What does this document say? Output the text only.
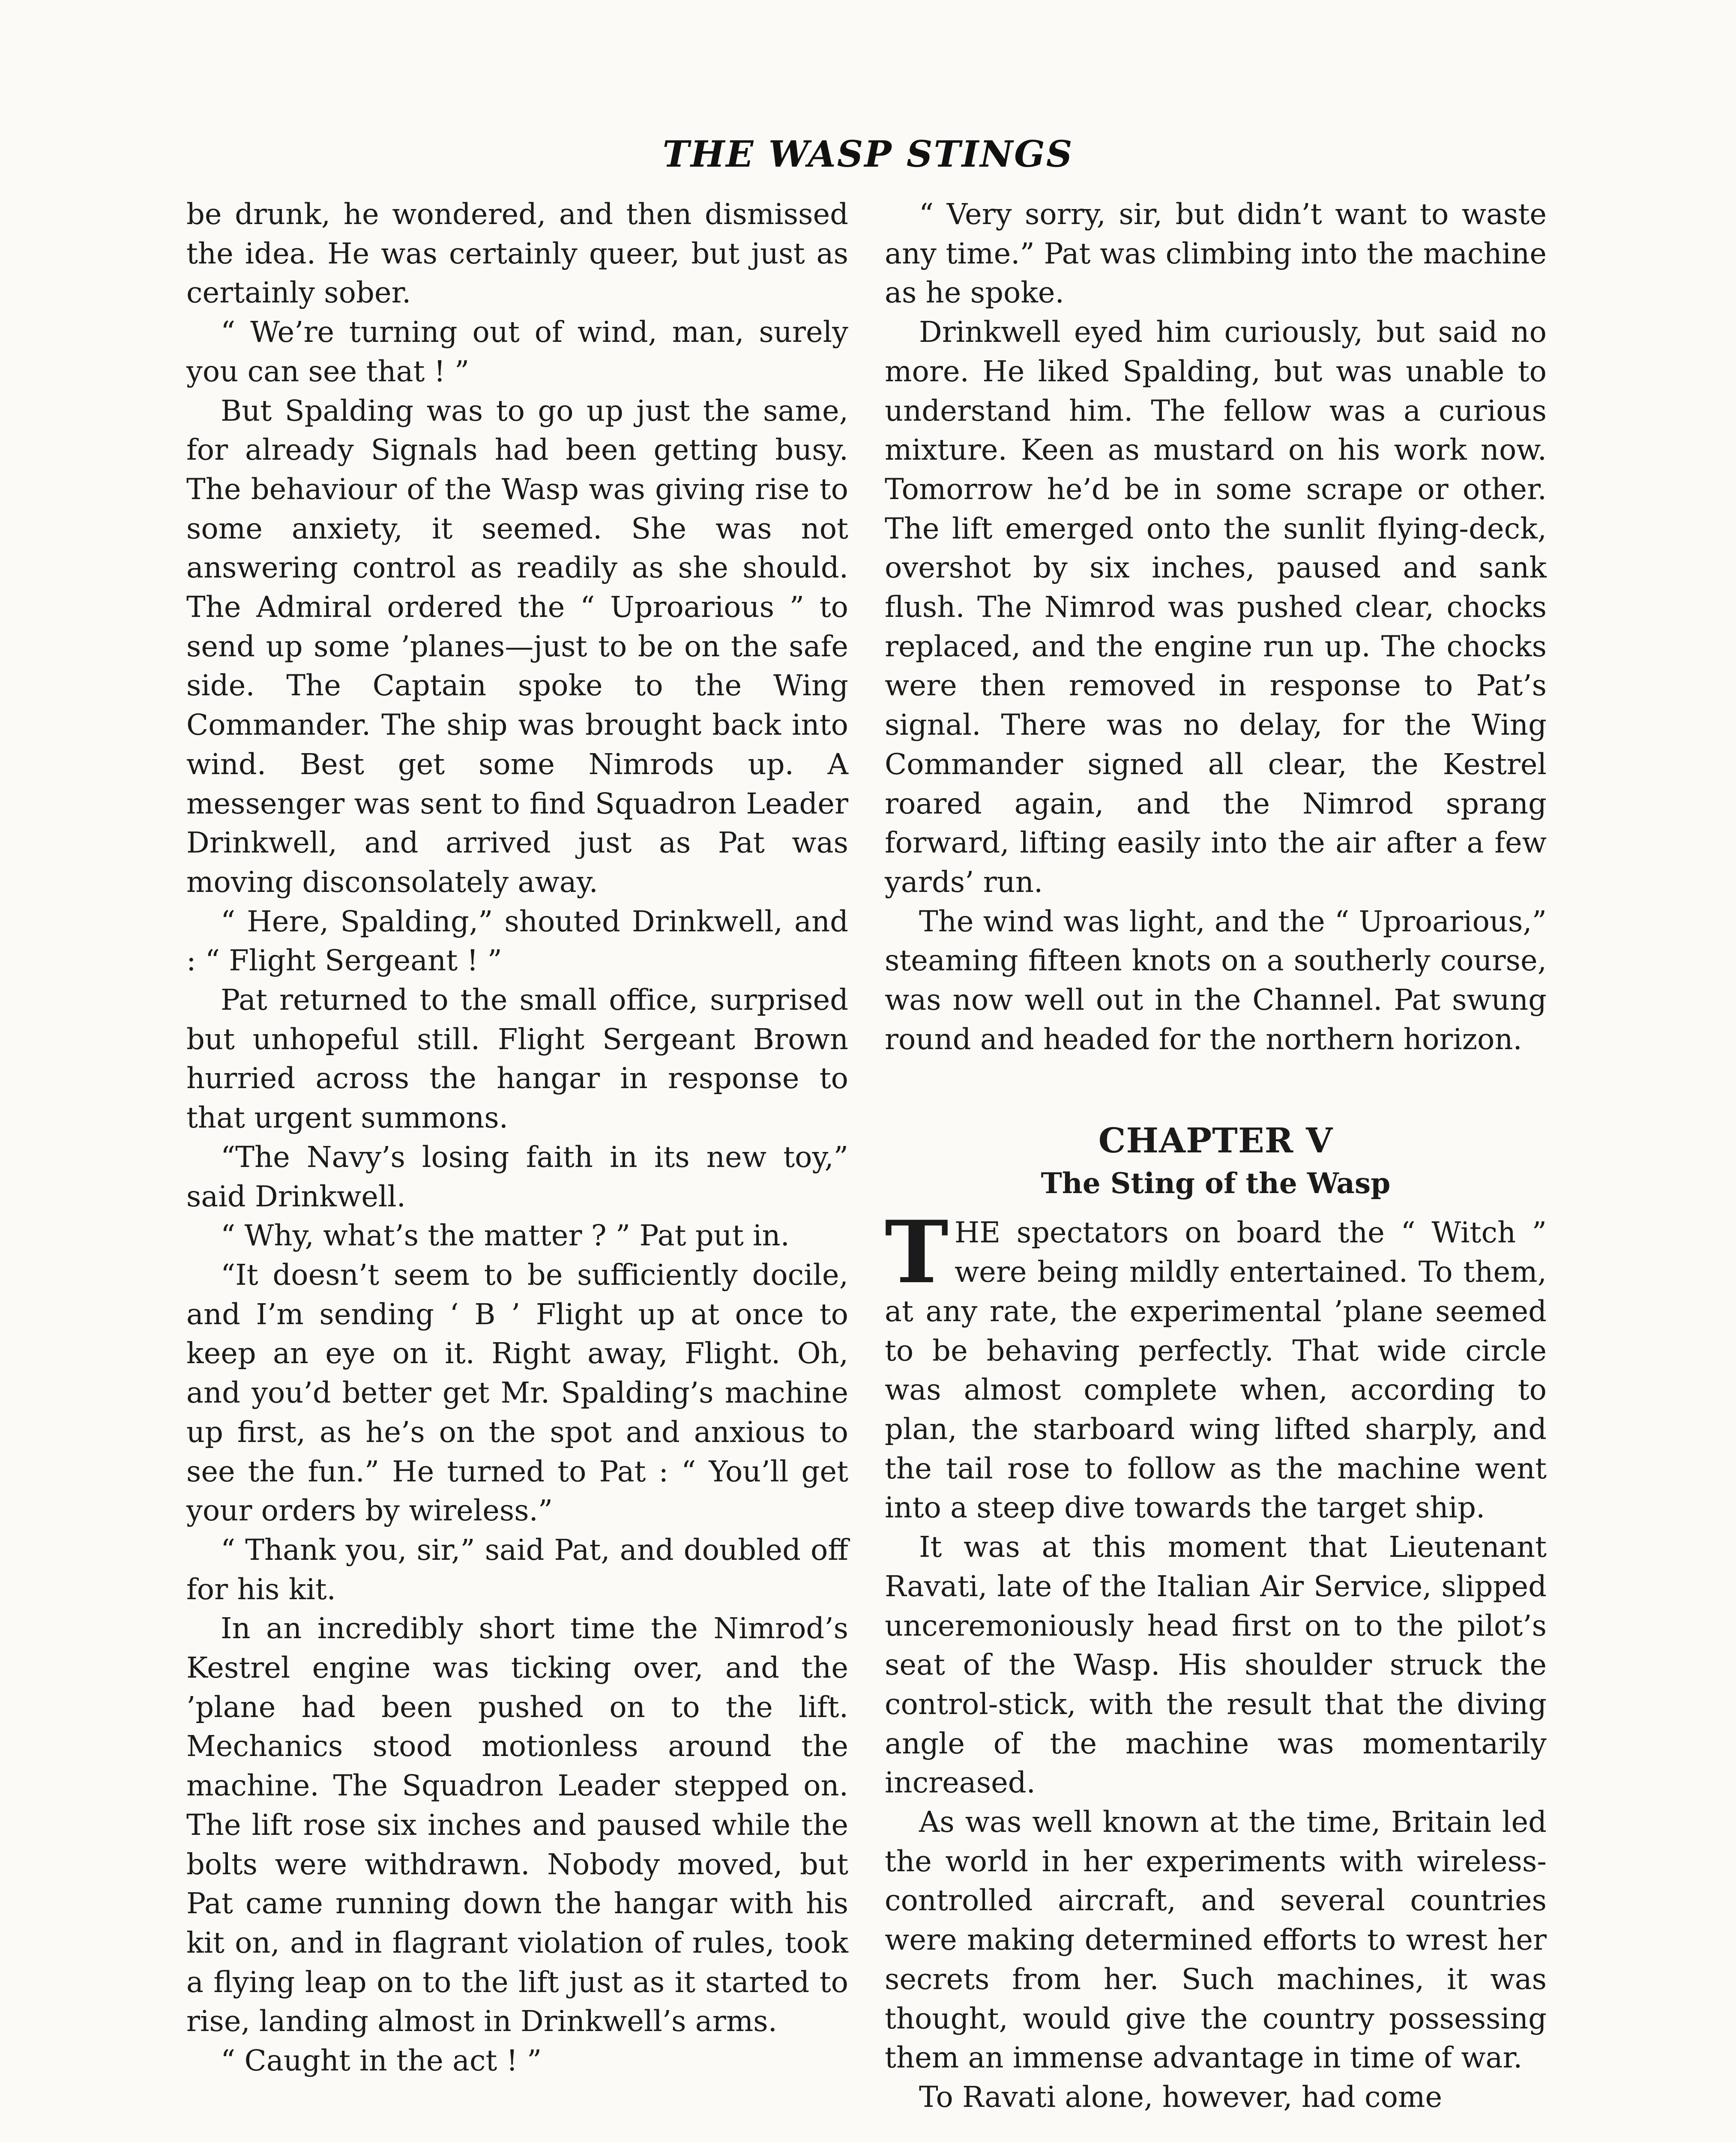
THE WASP STINGS

be drunk, he wondered, and then dismissed the idea. He was certainly queer, but just as certainly sober.

“ We’re turning out of wind, man, surely you can see that ! ”

But Spalding was to go up just the same, for already Signals had been getting busy. The behaviour of the Wasp was giving rise to some anxiety, it seemed. She was not answering control as readily as she should. The Admiral ordered the “ Uproarious ” to send up some ’planes—just to be on the safe side. The Captain spoke to the Wing Commander. The ship was brought back into wind. Best get some Nimrods up. A messenger was sent to find Squadron Leader Drinkwell, and arrived just as Pat was moving disconsolately away.

“ Here, Spalding,” shouted Drinkwell, and : “ Flight Sergeant ! ”

Pat returned to the small office, surprised but unhopeful still. Flight Sergeant Brown hurried across the hangar in response to that urgent summons.

“The Navy’s losing faith in its new toy,” said Drinkwell.

“ Why, what’s the matter ? ” Pat put in.

“It doesn’t seem to be sufficiently docile, and I’m sending ‘ B ’ Flight up at once to keep an eye on it. Right away, Flight. Oh, and you’d better get Mr. Spalding’s machine up first, as he’s on the spot and anxious to see the fun.” He turned to Pat : “ You’ll get your orders by wireless.”

“ Thank you, sir,” said Pat, and doubled off for his kit.

In an incredibly short time the Nimrod’s Kestrel engine was ticking over, and the ’plane had been pushed on to the lift. Mechanics stood motionless around the machine. The Squadron Leader stepped on. The lift rose six inches and paused while the bolts were withdrawn. Nobody moved, but Pat came running down the hangar with his kit on, and in flagrant violation of rules, took a flying leap on to the lift just as it started to rise, landing almost in Drinkwell’s arms.

“ Caught in the act ! ”

“ Very sorry, sir, but didn’t want to waste any time.” Pat was climbing into the machine as he spoke.

Drinkwell eyed him curiously, but said no more. He liked Spalding, but was unable to understand him. The fellow was a curious mixture. Keen as mustard on his work now. Tomorrow he’d be in some scrape or other. The lift emerged onto the sunlit flying-deck, overshot by six inches, paused and sank flush. The Nimrod was pushed clear, chocks replaced, and the engine run up. The chocks were then removed in response to Pat’s signal. There was no delay, for the Wing Commander signed all clear, the Kestrel roared again, and the Nimrod sprang forward, lifting easily into the air after a few yards’ run.

The wind was light, and the “ Uproarious,” steaming fifteen knots on a southerly course, was now well out in the Channel. Pat swung round and headed for the northern horizon.

CHAPTER V
The Sting of the Wasp

THE spectators on board the “ Witch ” were being mildly entertained. To them, at any rate, the experimental ’plane seemed to be behaving perfectly. That wide circle was almost complete when, according to plan, the starboard wing lifted sharply, and the tail rose to follow as the machine went into a steep dive towards the target ship.

It was at this moment that Lieutenant Ravati, late of the Italian Air Service, slipped unceremoniously head first on to the pilot’s seat of the Wasp. His shoulder struck the control-stick, with the result that the diving angle of the machine was momentarily increased.

As was well known at the time, Britain led the world in her experiments with wireless-controlled aircraft, and several countries were making determined efforts to wrest her secrets from her. Such machines, it was thought, would give the country possessing them an immense advantage in time of war.

To Ravati alone, however, had come
